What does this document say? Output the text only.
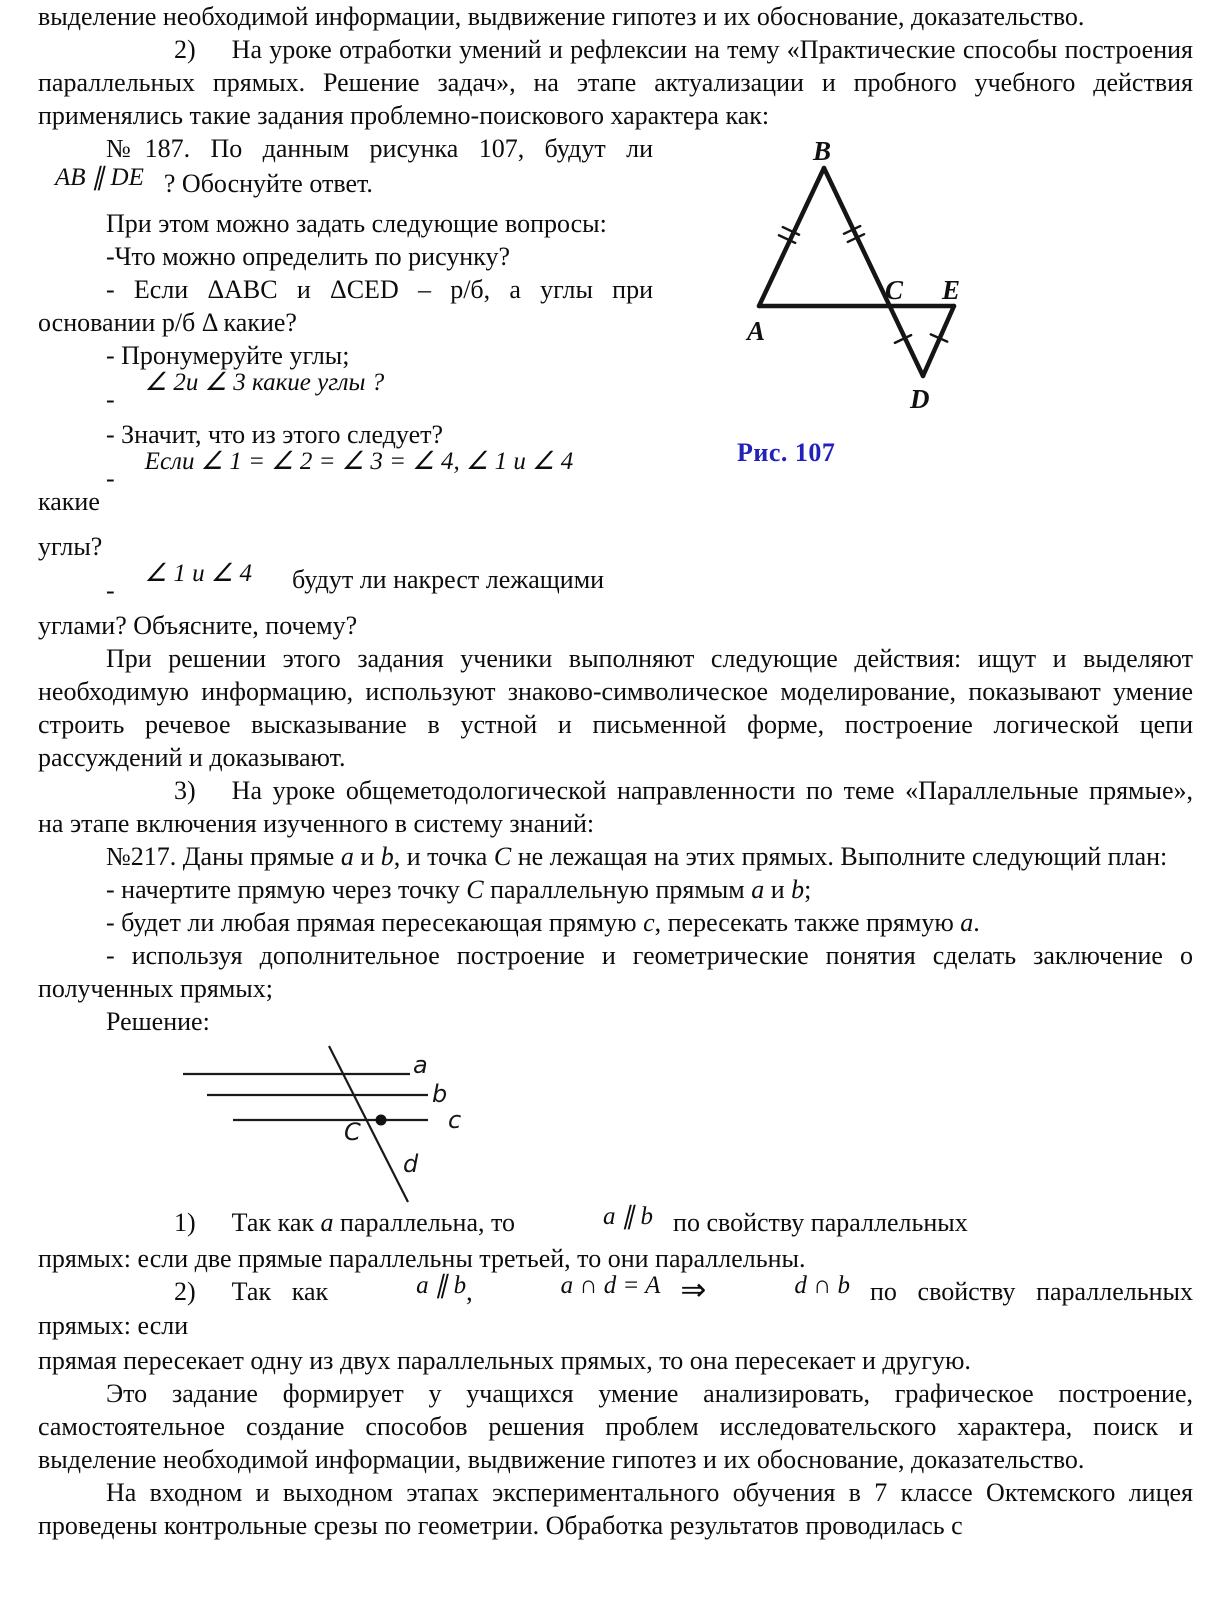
выделение необходимой информации, выдвижение гипотез и их обоснование, доказательство.

2) На уроке отработки умений и рефлексии на тему «Практические способы построения параллельных прямых. Решение задач», на этапе актуализации и пробного учебного действия применялись такие задания проблемно-поискового характера как:

B
A
C E
D

Рис. 107

№187. По данным рисунка 107, будут ли

AB ∥ DE ? Обоснуйте ответ.

При этом можно задать следующие вопросы:

-Что можно определить по рисунку?

- Если ΔАВС и ΔCED – р/б, а углы при основании р/б Δ какие?

- Пронумеруйте углы;

-∠ 2и ∠ 3 какие углы ?

- Значит, что из этого следует?

-Если ∠ 1 = ∠ 2 = ∠ 3 = ∠ 4, ∠ 1 и ∠ 4какие

углы?

-∠ 1 и ∠ 4 будут ли накрест лежащими

углами? Объясните, почему?

При решении этого задания ученики выполняют следующие действия: ищут и выделяют необходимую информацию, используют знаково-символическое моделирование, показывают умение строить речевое высказывание в устной и письменной форме, построение логической цепи рассуждений и доказывают.

3) На уроке общеметодологической направленности по теме «Параллельные прямые», на этапе включения изученного в систему знаний:

№217. Даны прямые a и b, и точка C не лежащая на этих прямых. Выполните следующий план:

- начертите прямую через точку C параллельную прямым a и b;

- будет ли любая прямая пересекающая прямую c, пересекать также прямую a.

- используя дополнительное построение и геометрические понятия сделать заключение о полученных прямых;

Решение:

a
b
c
d
C

1) Так как a параллельна, то	a ∥ b по свойству параллельных

прямых: если две прямые параллельны третьей, то они параллельны.

2) Так как	a ∥ b,	a ∩ d = A ⇒	d ∩ b по свойству параллельных прямых: если

прямая пересекает одну из двух параллельных прямых, то она пересекает и другую.

Это задание формирует у учащихся умение анализировать, графическое построение, самостоятельное создание способов решения проблем исследовательского характера, поиск и выделение необходимой информации, выдвижение гипотез и их обоснование, доказательство.

На входном и выходном этапах экспериментального обучения в 7 классе Октемского лицея проведены контрольные срезы по геометрии. Обработка результатов проводилась с
